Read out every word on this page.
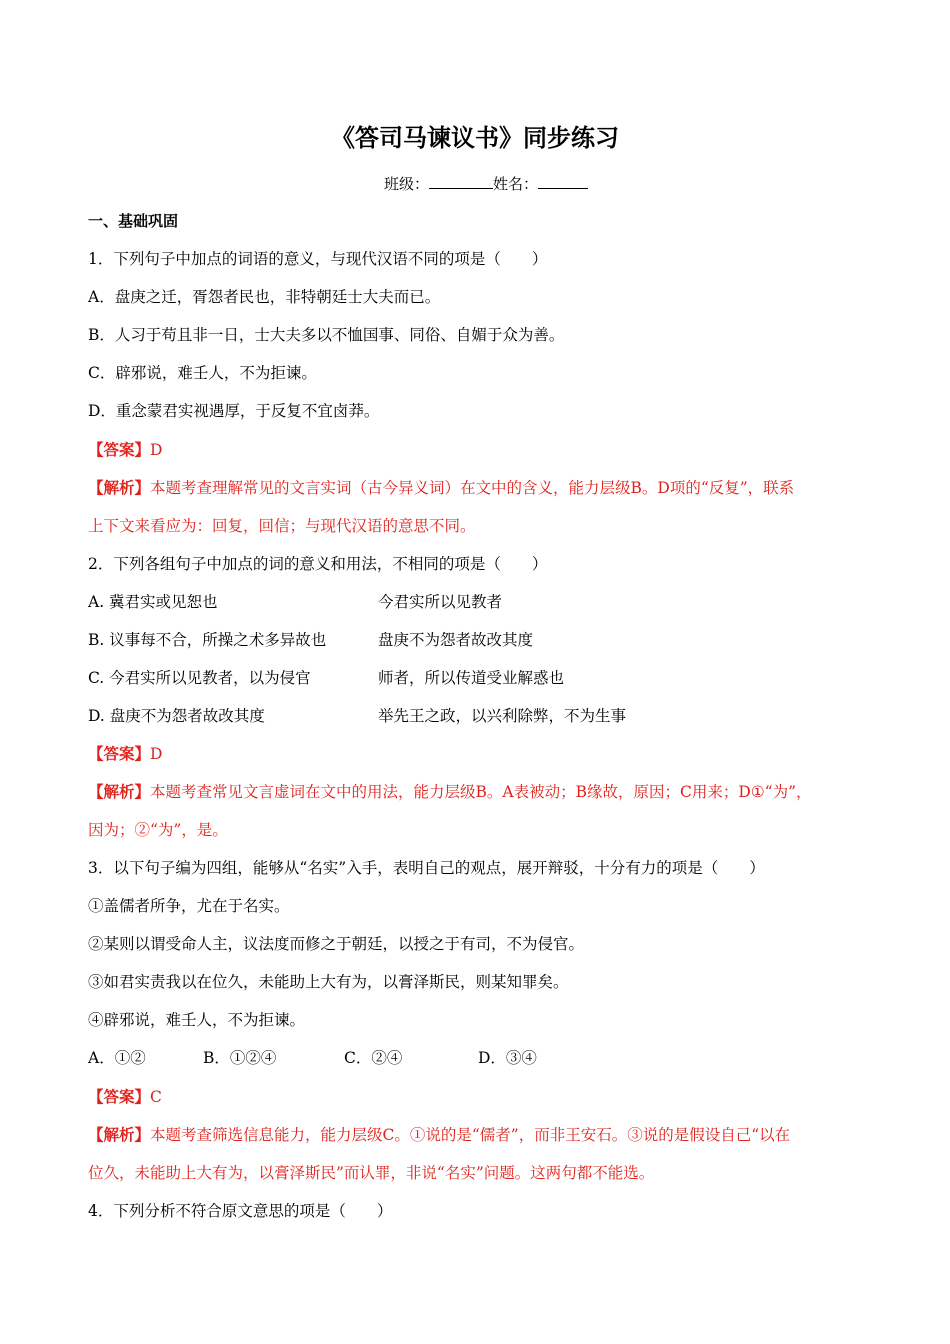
《答司马谏议书》同步练习
班级：	姓名：
一、基础巩固
1．下列句子中加点的词语的意义，与现代汉语不同的项是（　　）
A．盘庚之迁，胥怨者民也，非特朝廷士大夫而已。
B．人习于苟且非一日，士大夫多以不恤国事、同俗、自媚于众为善。
C．辟邪说，难壬人，不为拒谏。
D．重念蒙君实视遇厚，于反复不宜卤莽。
【答案】D
【解析】本题考查理解常见的文言实词（古今异义词）在文中的含义，能力层级B。D项的“反复”，联系
上下文来看应为：回复，回信；与现代汉语的意思不同。
2．下列各组句子中加点的词的意义和用法，不相同的项是（　　）
A. 冀君实或见恕也	今君实所以见教者
B. 议事每不合，所操之术多异故也	盘庚不为怨者故改其度
C. 今君实所以见教者，以为侵官	师者，所以传道受业解惑也
D. 盘庚不为怨者故改其度	举先王之政，以兴利除弊，不为生事
【答案】D
【解析】本题考查常见文言虚词在文中的用法，能力层级B。A表被动；B缘故，原因；C用来；D①“为”，
因为；②“为”，是。
3．以下句子编为四组，能够从“名实”入手，表明自己的观点，展开辩驳，十分有力的项是（　　）
①盖儒者所争，尤在于名实。
②某则以谓受命人主，议法度而修之于朝廷，以授之于有司，不为侵官。
③如君实责我以在位久，未能助上大有为，以膏泽斯民，则某知罪矣。
④辟邪说，难壬人，不为拒谏。
A．①②	B．①②④	C．②④	D．③④
【答案】C
【解析】本题考查筛选信息能力，能力层级C。①说的是“儒者”，而非王安石。③说的是假设自己“以在
位久，未能助上大有为，以膏泽斯民”而认罪，非说“名实”问题。这两句都不能选。
4．下列分析不符合原文意思的项是（　　）
